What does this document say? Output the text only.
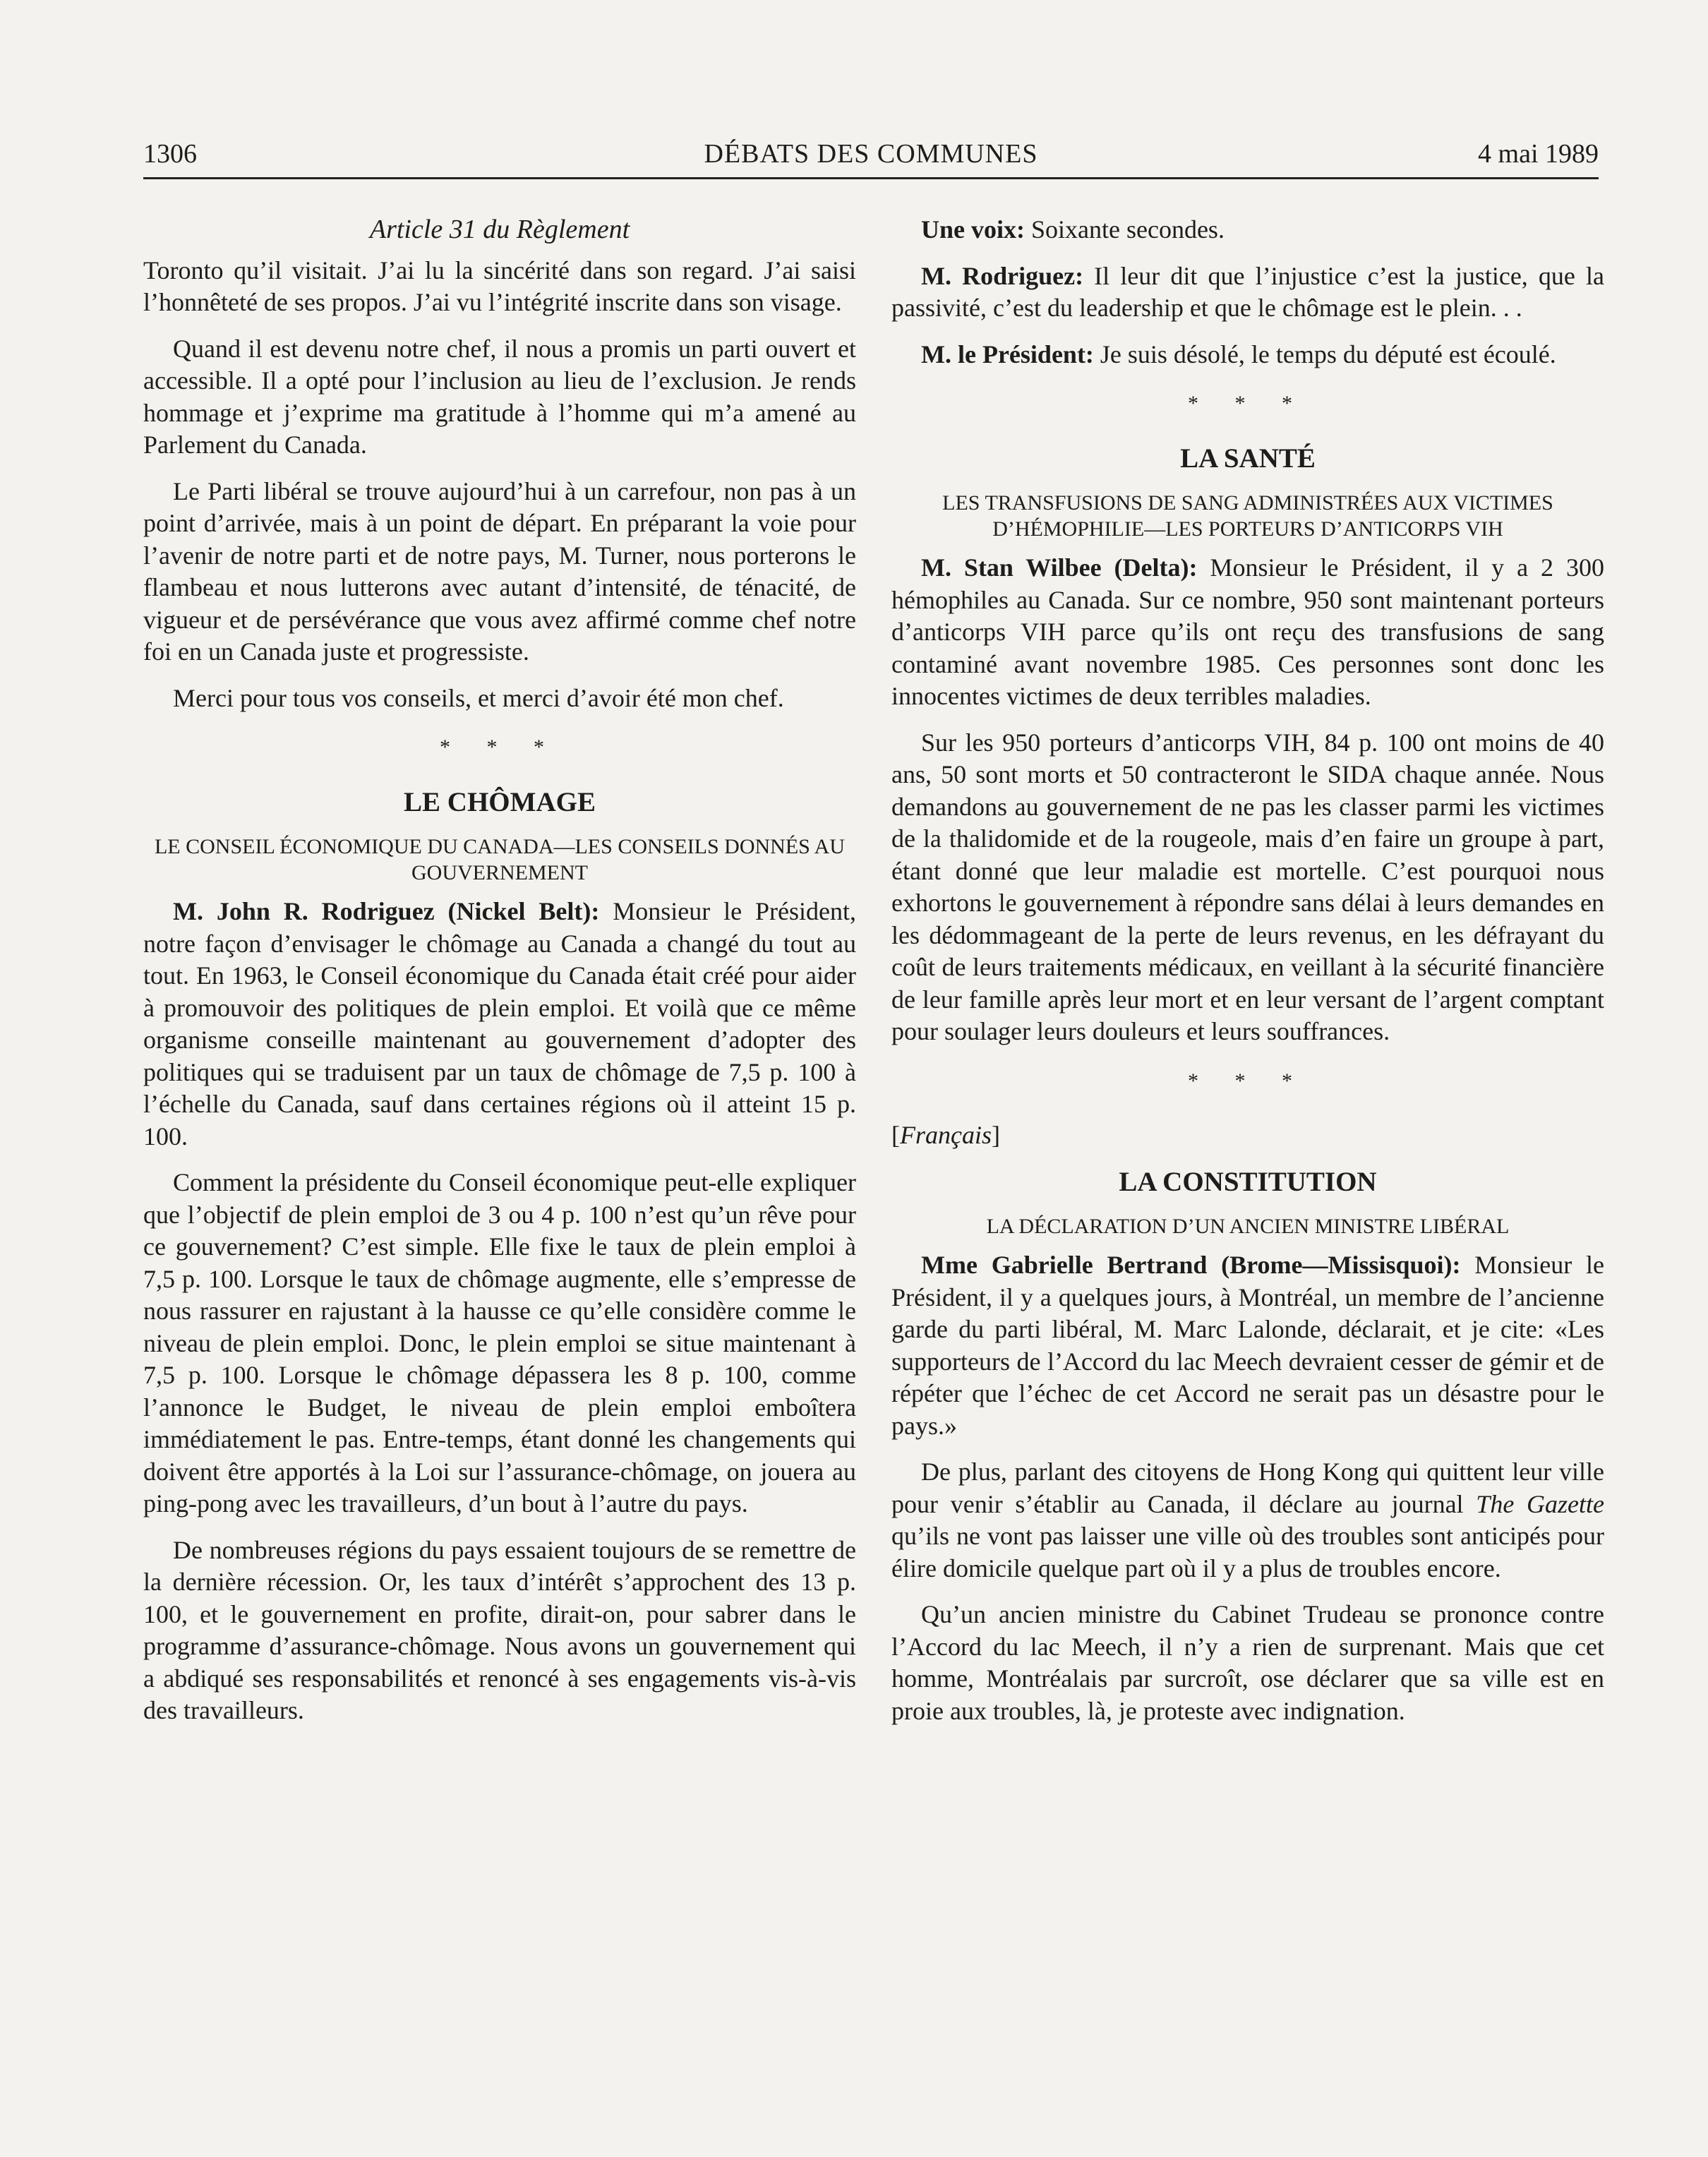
1306	DÉBATS DES COMMUNES	4 mai 1989
Article 31 du Règlement

Toronto qu’il visitait. J’ai lu la sincérité dans son regard. J’ai saisi l’honnêteté de ses propos. J’ai vu l’intégrité inscrite dans son visage.

Quand il est devenu notre chef, il nous a promis un parti ouvert et accessible. Il a opté pour l’inclusion au lieu de l’exclusion. Je rends hommage et j’exprime ma gratitude à l’homme qui m’a amené au Parlement du Canada.

Le Parti libéral se trouve aujourd’hui à un carrefour, non pas à un point d’arrivée, mais à un point de départ. En préparant la voie pour l’avenir de notre parti et de notre pays, M. Turner, nous porterons le flambeau et nous lutterons avec autant d’intensité, de ténacité, de vigueur et de persévérance que vous avez affirmé comme chef notre foi en un Canada juste et progressiste.

Merci pour tous vos conseils, et merci d’avoir été mon chef.

* * *
LE CHÔMAGE
LE CONSEIL ÉCONOMIQUE DU CANADA—LES CONSEILS DONNÉS AU GOUVERNEMENT

M. John R. Rodriguez (Nickel Belt): Monsieur le Président, notre façon d’envisager le chômage au Canada a changé du tout au tout. En 1963, le Conseil économique du Canada était créé pour aider à promouvoir des politiques de plein emploi. Et voilà que ce même organisme conseille maintenant au gouvernement d’adopter des politiques qui se traduisent par un taux de chômage de 7,5 p. 100 à l’échelle du Canada, sauf dans certaines régions où il atteint 15 p. 100.

Comment la présidente du Conseil économique peut-elle expliquer que l’objectif de plein emploi de 3 ou 4 p. 100 n’est qu’un rêve pour ce gouvernement? C’est simple. Elle fixe le taux de plein emploi à 7,5 p. 100. Lorsque le taux de chômage augmente, elle s’empresse de nous rassurer en rajustant à la hausse ce qu’elle considère comme le niveau de plein emploi. Donc, le plein emploi se situe maintenant à 7,5 p. 100. Lorsque le chômage dépassera les 8 p. 100, comme l’annonce le Budget, le niveau de plein emploi emboîtera immédiatement le pas. Entre-temps, étant donné les changements qui doivent être apportés à la Loi sur l’assurance-chômage, on jouera au ping-pong avec les travailleurs, d’un bout à l’autre du pays.

De nombreuses régions du pays essaient toujours de se remettre de la dernière récession. Or, les taux d’intérêt s’approchent des 13 p. 100, et le gouvernement en profite, dirait-on, pour sabrer dans le programme d’assurance-chômage. Nous avons un gouvernement qui a abdiqué ses responsabilités et renoncé à ses engagements vis-à-vis des travailleurs.

Une voix: Soixante secondes.

M. Rodriguez: Il leur dit que l’injustice c’est la justice, que la passivité, c’est du leadership et que le chômage est le plein. . .

M. le Président: Je suis désolé, le temps du député est écoulé.

* * *
LA SANTÉ
LES TRANSFUSIONS DE SANG ADMINISTRÉES AUX VICTIMES D’HÉMOPHILIE—LES PORTEURS D’ANTICORPS VIH

M. Stan Wilbee (Delta): Monsieur le Président, il y a 2 300 hémophiles au Canada. Sur ce nombre, 950 sont maintenant porteurs d’anticorps VIH parce qu’ils ont reçu des transfusions de sang contaminé avant novembre 1985. Ces personnes sont donc les innocentes victimes de deux terribles maladies.

Sur les 950 porteurs d’anticorps VIH, 84 p. 100 ont moins de 40 ans, 50 sont morts et 50 contracteront le SIDA chaque année. Nous demandons au gouvernement de ne pas les classer parmi les victimes de la thalidomide et de la rougeole, mais d’en faire un groupe à part, étant donné que leur maladie est mortelle. C’est pourquoi nous exhortons le gouvernement à répondre sans délai à leurs demandes en les dédommageant de la perte de leurs revenus, en les défrayant du coût de leurs traitements médicaux, en veillant à la sécurité financière de leur famille après leur mort et en leur versant de l’argent comptant pour soulager leurs douleurs et leurs souffrances.

* * *
[Français]
LA CONSTITUTION
LA DÉCLARATION D’UN ANCIEN MINISTRE LIBÉRAL

Mme Gabrielle Bertrand (Brome—Missisquoi): Monsieur le Président, il y a quelques jours, à Montréal, un membre de l’ancienne garde du parti libéral, M. Marc Lalonde, déclarait, et je cite: «Les supporteurs de l’Accord du lac Meech devraient cesser de gémir et de répéter que l’échec de cet Accord ne serait pas un désastre pour le pays.»

De plus, parlant des citoyens de Hong Kong qui quittent leur ville pour venir s’établir au Canada, il déclare au journal The Gazette qu’ils ne vont pas laisser une ville où des troubles sont anticipés pour élire domicile quelque part où il y a plus de troubles encore.

Qu’un ancien ministre du Cabinet Trudeau se prononce contre l’Accord du lac Meech, il n’y a rien de surprenant. Mais que cet homme, Montréalais par surcroît, ose déclarer que sa ville est en proie aux troubles, là, je proteste avec indignation.
